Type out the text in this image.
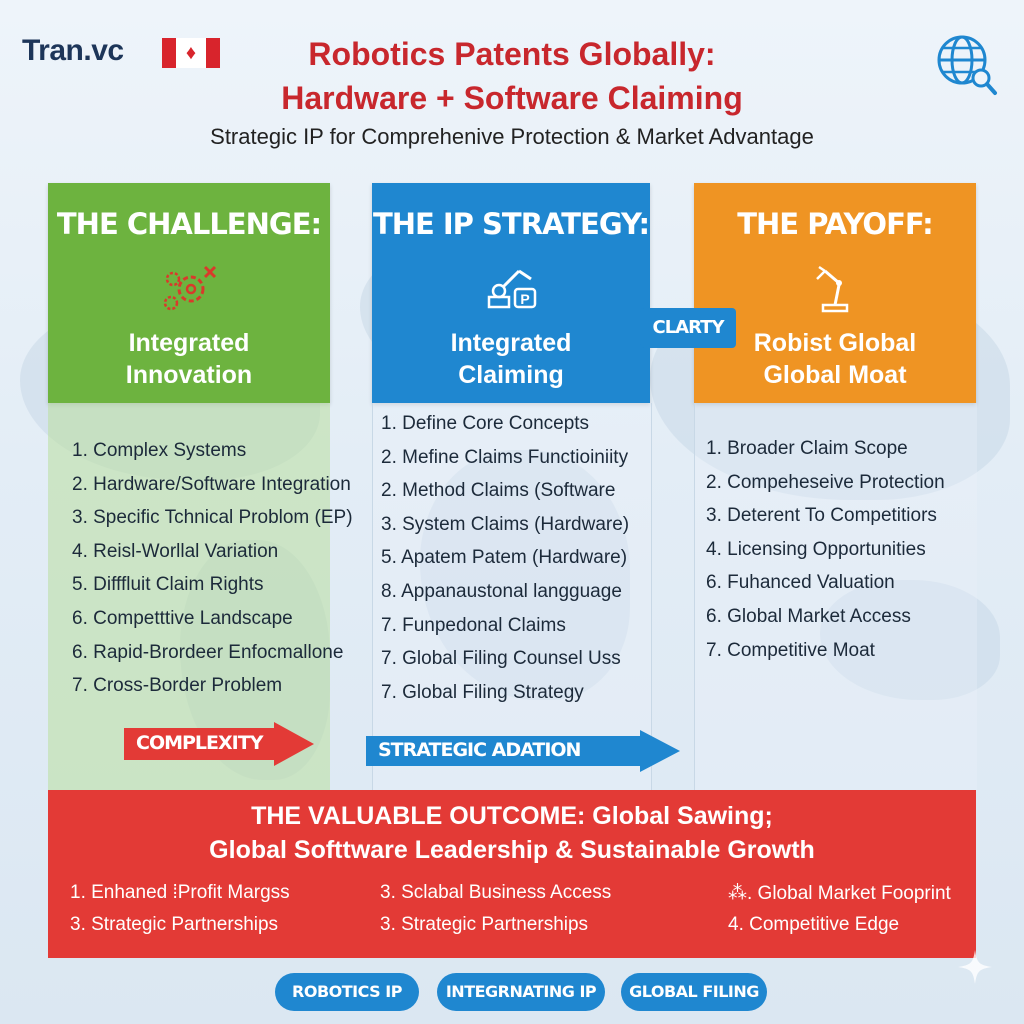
Tran.vc	♦	Robotics Patents Globally:
Hardware + Software Claiming
Strategic IP for Comprehenive Protection & Market Advantage
THE CHALLENGE:
Integrated
Innovation
THE IP STRATEGY:
P
Integrated
Claiming
THE PAYOFF:
Robist Global
Global Moat
CLARTY
1. Complex Systems
2. Hardware/Software Integration
3. Specific Tchnical Problom (EP)
4. Reisl-Worllal Variation
5. Difffluit Claim Rights
6. Competttive Landscape
6. Rapid-Brordeer Enfocmallone
7. Cross-Border Problem
1. Define Core Concepts
2. Mefine Claims Functioiniity
2. Method Claims (Software
3. System Claims (Hardware)
5. Apatem Patem (Hardware)
8. Appanaustonal langguage
7. Funpedonal Claims
7. Global Filing Counsel Uss
7. Global Filing Strategy
1. Broader Claim Scope
2. Compeheseive Protection
3. Deterent To Competitiors
4. Licensing Opportunities
6. Fuhanced Valuation
6. Global Market Access
7. Competitive Moat
COMPLEXITY	STRATEGIC ADATION
THE VALUABLE OUTCOME: Global Sawing;
Global Softtware Leadership & Sustainable Growth
1. Enhaned ⁞Profit Margss	3. Sclabal Business Access	⁂. Global Market Fooprint
3. Strategic Partnerships	3. Strategic Partnerships	4. Competitive Edge
ROBOTICS IP	INTEGRNATING IP	GLOBAL FILING
